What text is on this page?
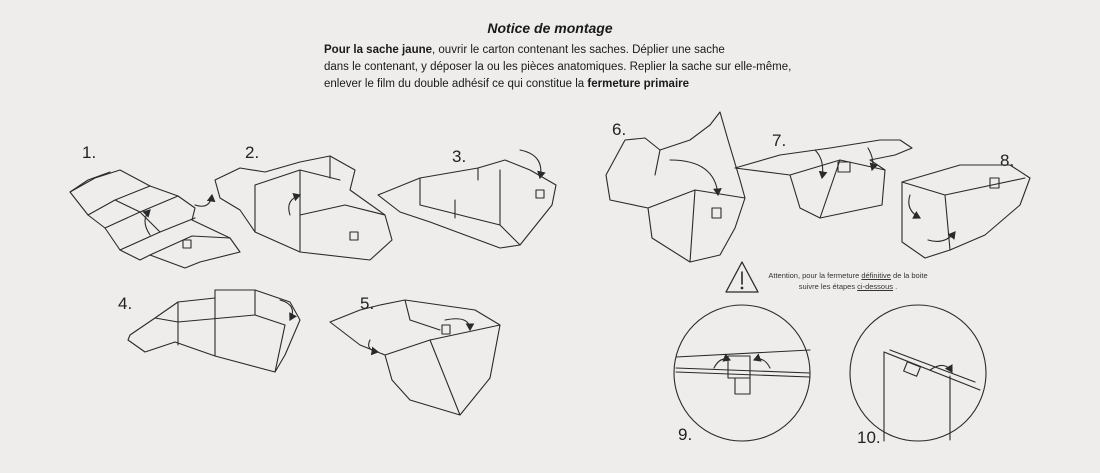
Notice de montage
Pour la sache jaune, ouvrir le carton contenant les saches. Déplier une sache
dans le contenant, y déposer la ou les pièces anatomiques. Replier la sache sur elle-même,
enlever le film du double adhésif ce qui constitue la fermeture primaire
1.	2.	3.
4.	5.
6.
7.
8.
9.	10.
Attention, pour la fermeture définitive de la boite
suivre les étapes ci-dessous .
